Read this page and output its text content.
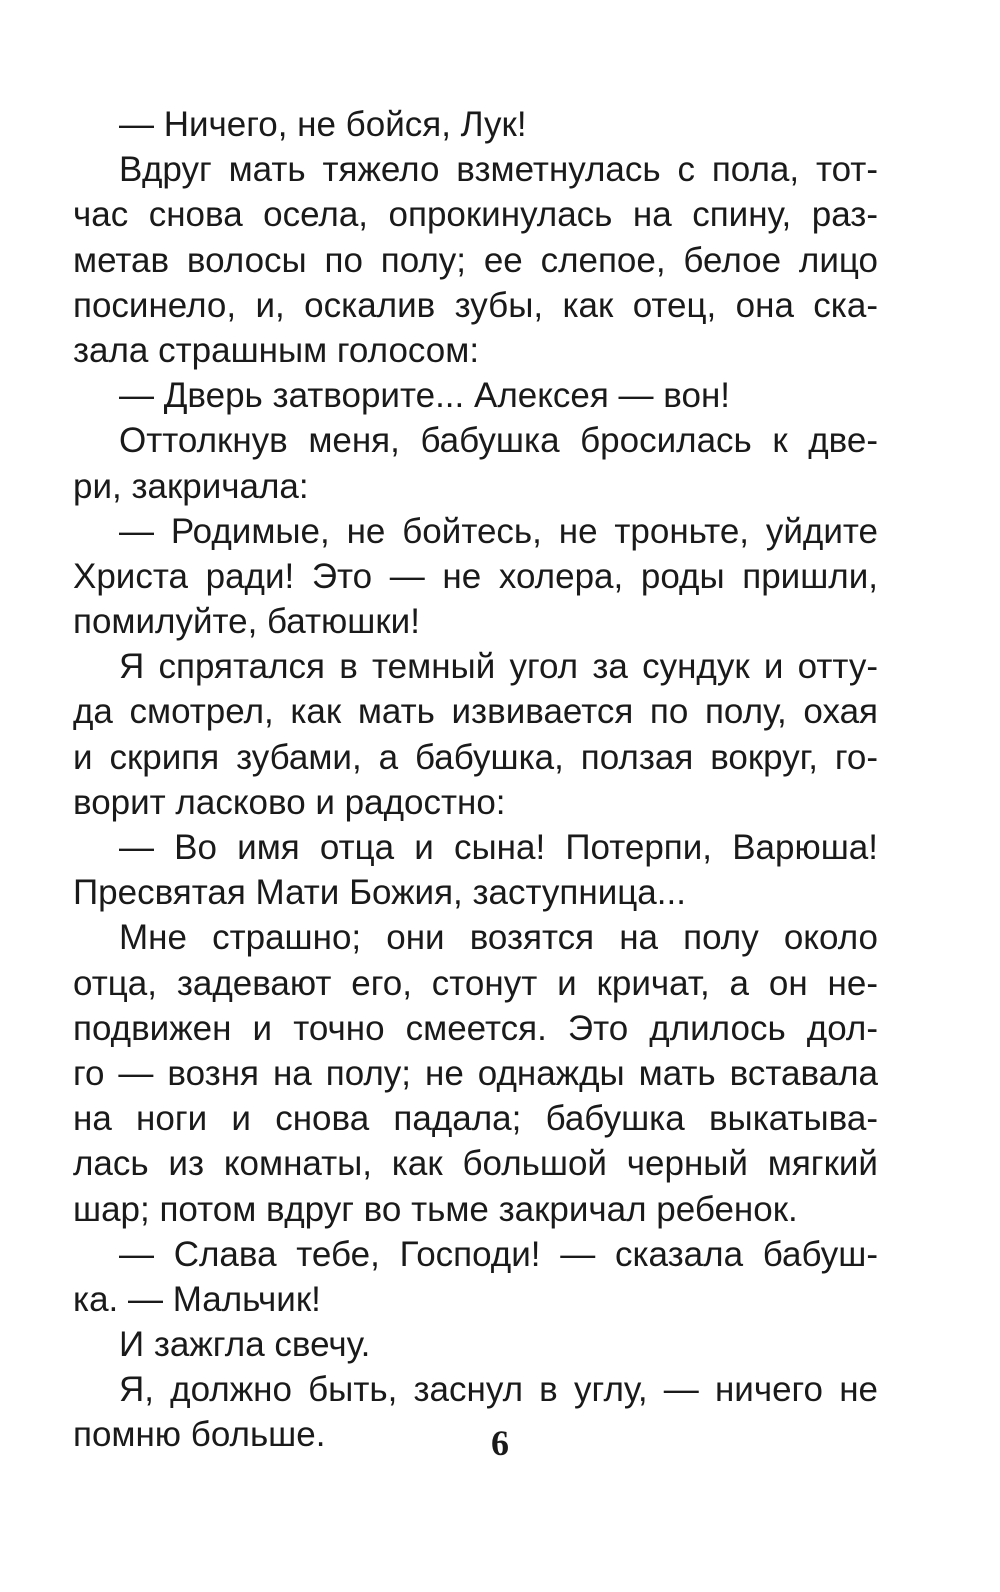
— Ничего, не бойся, Лук!
Вдруг мать тяжело взметнулась с пола, тот-
час снова осела, опрокинулась на спину, раз-
метав волосы по полу; ее слепое, белое лицо
посинело, и, оскалив зубы, как отец, она ска-
зала страшным голосом:
— Дверь затворите... Алексея — вон!
Оттолкнув меня, бабушка бросилась к две-
ри, закричала:
— Родимые, не бойтесь, не троньте, уйдите
Христа ради! Это — не холера, роды пришли,
помилуйте, батюшки!
Я спрятался в темный угол за сундук и отту-
да смотрел, как мать извивается по полу, охая
и скрипя зубами, а бабушка, ползая вокруг, го-
ворит ласково и радостно:
— Во имя отца и сына! Потерпи, Варюша!
Пресвятая Мати Божия, заступница...
Мне страшно; они возятся на полу около
отца, задевают его, стонут и кричат, а он не-
подвижен и точно смеется. Это длилось дол-
го — возня на полу; не однажды мать вставала
на ноги и снова падала; бабушка выкатыва-
лась из комнаты, как большой черный мягкий
шар; потом вдруг во тьме закричал ребенок.
— Слава тебе, Господи! — сказала бабуш-
ка. — Мальчик!
И зажгла свечу.
Я, должно быть, заснул в углу, — ничего не
помню больше.	6
